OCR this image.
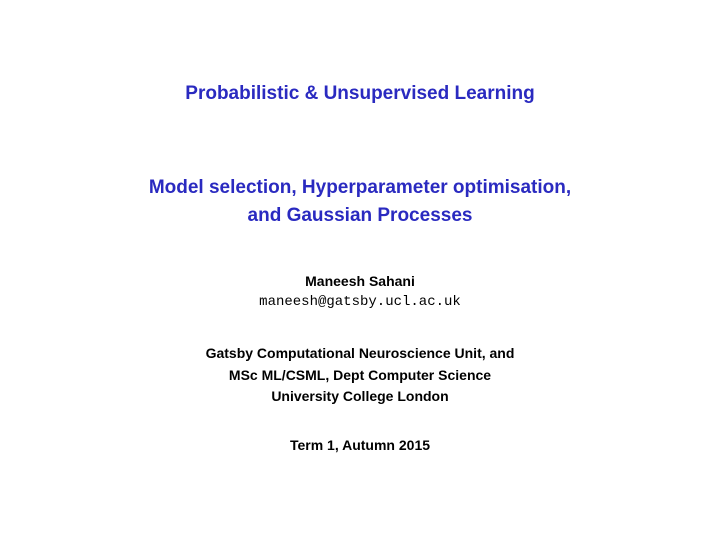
Probabilistic & Unsupervised Learning
Model selection, Hyperparameter optimisation,
and Gaussian Processes
Maneesh Sahani
maneesh@gatsby.ucl.ac.uk
Gatsby Computational Neuroscience Unit, and
MSc ML/CSML, Dept Computer Science
University College London
Term 1, Autumn 2015
